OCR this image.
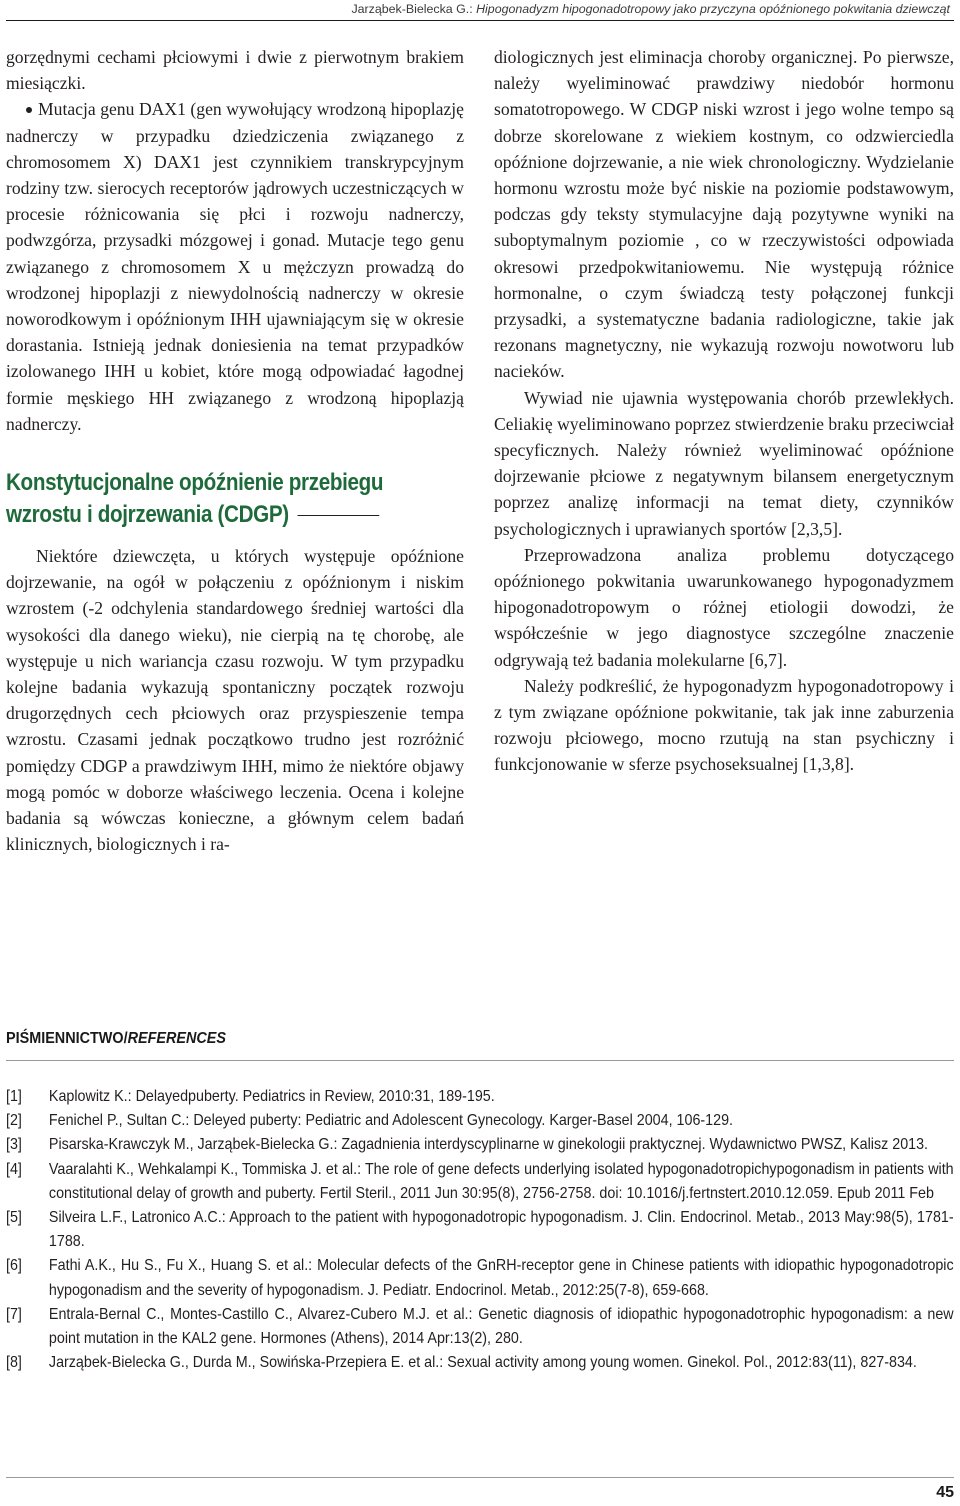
Jarząbek-Bielecka G.: Hipogonadyzm hipogonadotropowy jako przyczyna opóźnionego pokwitania dziewcząt

gorzędnymi cechami płciowymi i dwie z pierwotnym brakiem miesiączki.

Mutacja genu DAX1 (gen wywołujący wrodzoną hipoplazję nadnerczy w przypadku dziedziczenia związanego z chromosomem X) DAX1 jest czynnikiem transkrypcyjnym rodziny tzw. sierocych receptorów jądrowych uczestniczących w procesie różnicowania się płci i rozwoju nadnerczy, podwzgórza, przysadki mózgowej i gonad. Mutacje tego genu związanego z chromosomem X u mężczyzn prowadzą do wrodzonej hipoplazji z niewydolnością nadnerczy w okresie noworodkowym i opóźnionym IHH ujawniającym się w okresie dorastania. Istnieją jednak doniesienia na temat przypadków izolowanego IHH u kobiet, które mogą odpowiadać łagodnej formie męskiego HH związanego z wrodzoną hipoplazją nadnerczy.

Konstytucjonalne opóźnienie przebiegu wzrostu i dojrzewania (CDGP)

Niektóre dziewczęta, u których występuje opóźnione dojrzewanie, na ogół w połączeniu z opóźnionym i niskim wzrostem (-2 odchylenia standardowego średniej wartości dla wysokości dla danego wieku), nie cierpią na tę chorobę, ale występuje u nich wariancja czasu rozwoju. W tym przypadku kolejne badania wykazują spontaniczny początek rozwoju drugorzędnych cech płciowych oraz przyspieszenie tempa wzrostu. Czasami jednak początkowo trudno jest rozróżnić pomiędzy CDGP a prawdziwym IHH, mimo że niektóre objawy mogą pomóc w doborze właściwego leczenia. Ocena i kolejne badania są wówczas konieczne, a głównym celem badań klinicznych, biologicznych i ra-

diologicznych jest eliminacja choroby organicznej. Po pierwsze, należy wyeliminować prawdziwy niedobór hormonu somatotropowego. W CDGP niski wzrost i jego wolne tempo są dobrze skorelowane z wiekiem kostnym, co odzwierciedla opóźnione dojrzewanie, a nie wiek chronologiczny. Wydzielanie hormonu wzrostu może być niskie na poziomie podstawowym, podczas gdy teksty stymulacyjne dają pozytywne wyniki na suboptymalnym poziomie , co w rzeczywistości odpowiada okresowi przedpokwitaniowemu. Nie występują różnice hormonalne, o czym świadczą testy połączonej funkcji przysadki, a systematyczne badania radiologiczne, takie jak rezonans magnetyczny, nie wykazują rozwoju nowotworu lub nacieków.

Wywiad nie ujawnia występowania chorób przewlekłych. Celiakię wyeliminowano poprzez stwierdzenie braku przeciwciał specyficznych. Należy również wyeliminować opóźnione dojrzewanie płciowe z negatywnym bilansem energetycznym poprzez analizę informacji na temat diety, czynników psychologicznych i uprawianych sportów [2,3,5].

Przeprowadzona analiza problemu dotyczącego opóźnionego pokwitania uwarunkowanego hypogonadyzmem hipogonadotropowym o różnej etiologii dowodzi, że współcześnie w jego diagnostyce szczególne znaczenie odgrywają też badania molekularne [6,7].

Należy podkreślić, że hypogonadyzm hypogonadotropowy i z tym związane opóźnione pokwitanie, tak jak inne zaburzenia rozwoju płciowego, mocno rzutują na stan psychiczny i funkcjonowanie w sferze psychoseksualnej [1,3,8].

PIŚMIENNICTWO/REFERENCES
[1]	Kaplowitz K.: Delayedpuberty. Pediatrics in Review, 2010:31, 189-195.
[2]	Fenichel P., Sultan C.: Deleyed puberty: Pediatric and Adolescent Gynecology. Karger-Basel 2004, 106-129.
[3]	Pisarska-Krawczyk M., Jarząbek-Bielecka G.: Zagadnienia interdyscyplinarne w ginekologii praktycznej. Wydawnictwo PWSZ, Kalisz 2013.
[4]	Vaaralahti K., Wehkalampi K., Tommiska J. et al.: The role of gene defects underlying isolated hypogonadotropichypogonadism in patients with constitutional delay of growth and puberty. Fertil Steril., 2011 Jun 30:95(8), 2756-2758. doi: 10.1016/j.fertnstert.2010.12.059. Epub 2011 Feb
[5]	Silveira L.F., Latronico A.C.: Approach to the patient with hypogonadotropic hypogonadism. J. Clin. Endocrinol. Metab., 2013 May:98(5), 1781-1788.
[6]	Fathi A.K., Hu S., Fu X., Huang S. et al.: Molecular defects of the GnRH-receptor gene in Chinese patients with idiopathic hypogonadotropic hypogonadism and the severity of hypogonadism. J. Pediatr. Endocrinol. Metab., 2012:25(7-8), 659-668.
[7]	Entrala-Bernal C., Montes-Castillo C., Alvarez-Cubero M.J. et al.: Genetic diagnosis of idiopathic hypogonadotrophic hypogonadism: a new point mutation in the KAL2 gene. Hormones (Athens), 2014 Apr:13(2), 280.
[8]	Jarząbek-Bielecka G., Durda M., Sowińska-Przepiera E. et al.: Sexual activity among young women. Ginekol. Pol., 2012:83(11), 827-834.
45
